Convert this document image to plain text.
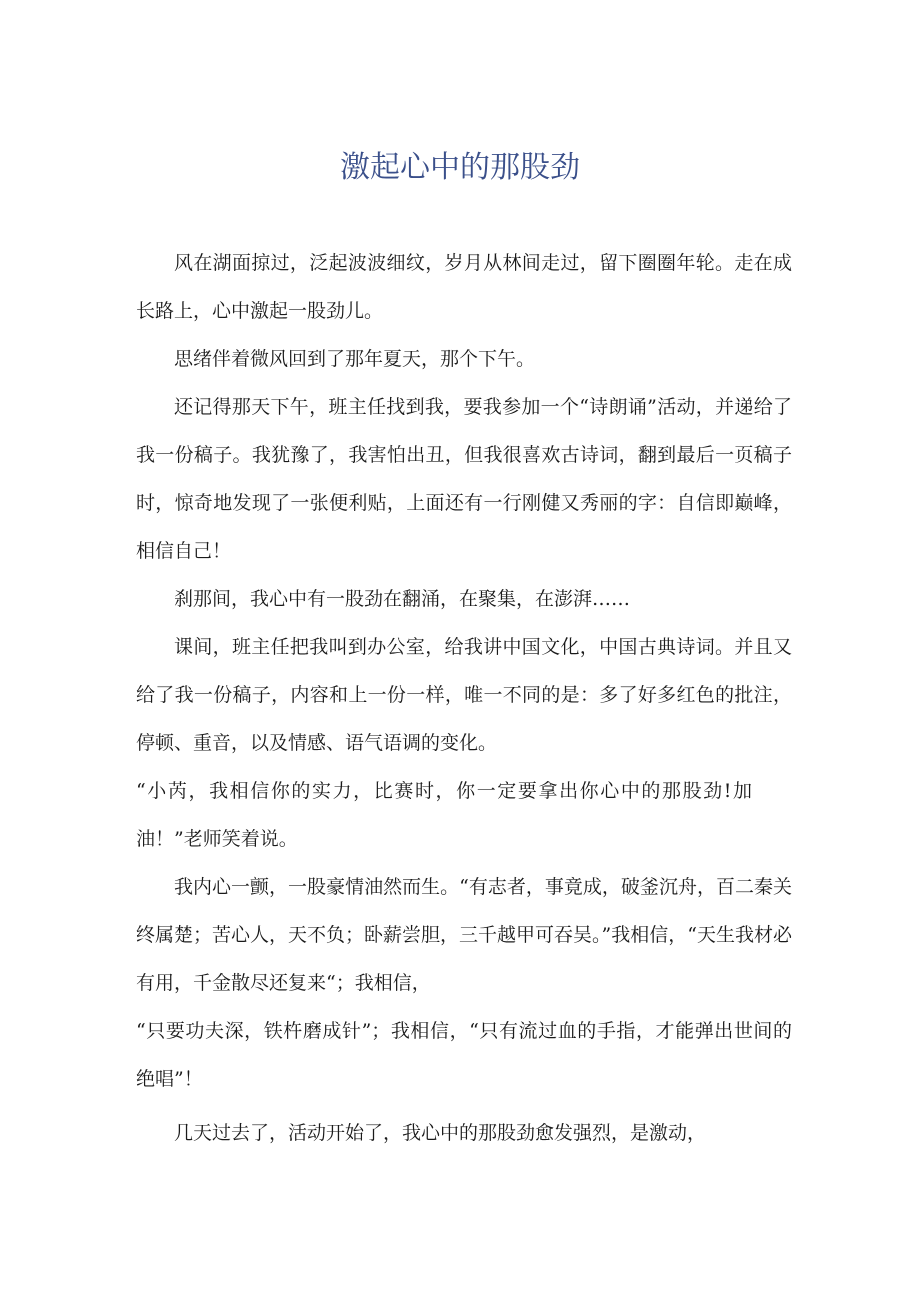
激起心中的那股劲

风在湖面掠过，泛起波波细纹，岁月从林间走过，留下圈圈年轮。走在成长路上，心中激起一股劲儿。

思绪伴着微风回到了那年夏天，那个下午。

还记得那天下午，班主任找到我，要我参加一个“诗朗诵”活动，并递给了我一份稿子。我犹豫了，我害怕出丑，但我很喜欢古诗词，翻到最后一页稿子时，惊奇地发现了一张便利贴，上面还有一行刚健又秀丽的字：自信即巅峰，相信自己！

刹那间，我心中有一股劲在翻涌，在聚集，在澎湃……

课间，班主任把我叫到办公室，给我讲中国文化，中国古典诗词。并且又给了我一份稿子，内容和上一份一样，唯一不同的是：多了好多红色的批注，停顿、重音，以及情感、语气语调的变化。

“小芮，我相信你的实力，比赛时，你一定要拿出你心中的那股劲!加油！”老师笑着说。

我内心一颤，一股豪情油然而生。“有志者，事竟成，破釜沉舟，百二秦关终属楚；苦心人，天不负；卧薪尝胆，三千越甲可吞吴。”我相信，“天生我材必有用，千金散尽还复来“；我相信，

“只要功夫深，铁杵磨成针”；我相信，“只有流过血的手指，才能弹出世间的绝唱”！

几天过去了，活动开始了，我心中的那股劲愈发强烈，是激动，
